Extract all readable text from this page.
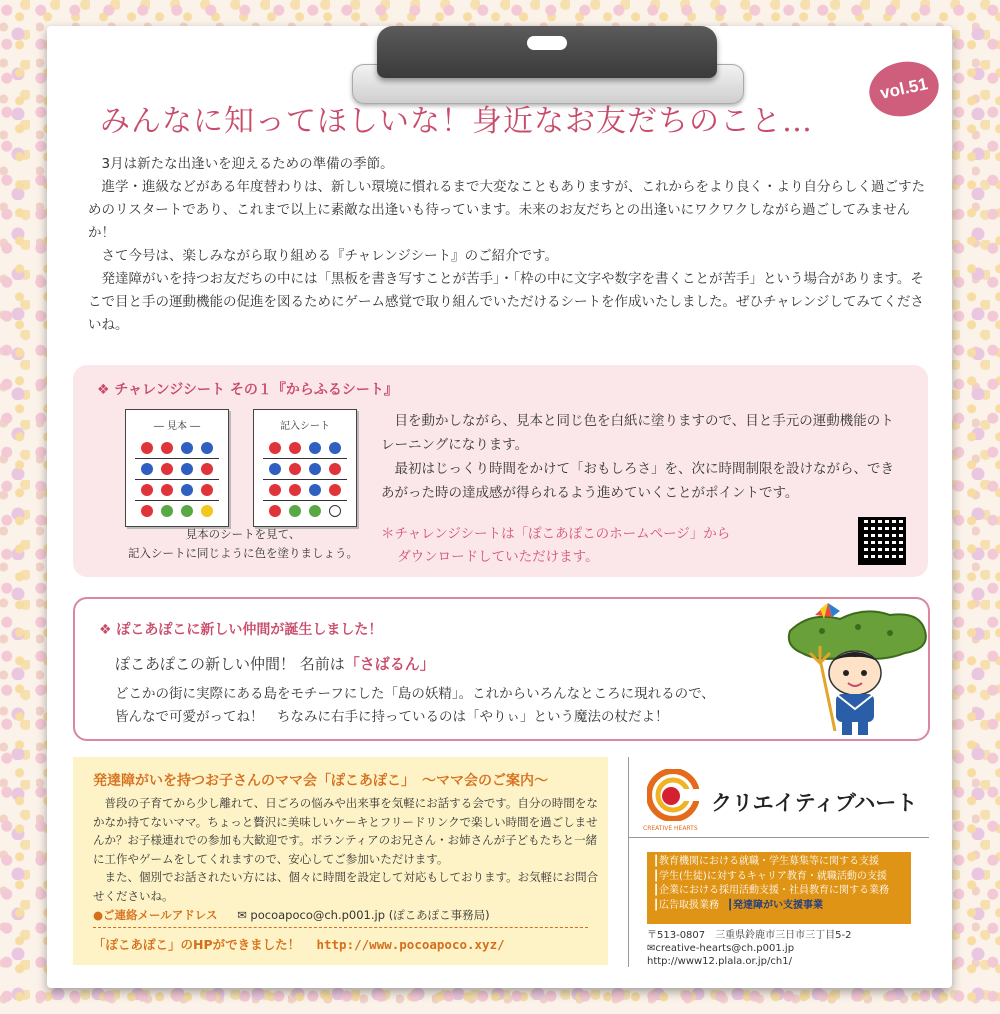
vol.51
みんなに知ってほしいな！身近なお友だちのこと…

3月は新たな出逢いを迎えるための準備の季節。

進学・進級などがある年度替わりは、新しい環境に慣れるまで大変なこともありますが、これからをより良く・より自分らしく過ごすためのリスタートであり、これまで以上に素敵な出逢いも待っています。未来のお友だちとの出逢いにワクワクしながら過ごしてみませんか！

さて今号は、楽しみながら取り組める『チャレンジシート』のご紹介です。

発達障がいを持つお友だちの中には「黒板を書き写すことが苦手」・「枠の中に文字や数字を書くことが苦手」という場合があります。そこで目と手の運動機能の促進を図るためにゲーム感覚で取り組んでいただけるシートを作成いたしました。ぜひチャレンジしてみてくださいね。

❖ チャレンジシート その１『からふるシート』
― 見本 ―	記入シート
見本のシートを見て、
記入シートに同じように色を塗りましょう。

目を動かしながら、見本と同じ色を白紙に塗りますので、目と手元の運動機能のトレーニングになります。

最初はじっくり時間をかけて「おもしろさ」を、次に時間制限を設けながら、できあがった時の達成感が得られるよう進めていくことがポイントです。

＊チャレンジシートは「ぽこあぽこのホームページ」から
ダウンロードしていただけます。
❖ ぽこあぽこに新しい仲間が誕生しました！
ぽこあぽこの新しい仲間！ 名前は「さばるん」
どこかの街に実際にある島をモチーフにした「島の妖精」。これからいろんなところに現れるので、
皆んなで可愛がってね！　ちなみに右手に持っているのは「やりぃ」という魔法の杖だよ！
発達障がいを持つお子さんのママ会「ぽこあぽこ」　～ママ会のご案内～

普段の子育てから少し離れて、日ごろの悩みや出来事を気軽にお話する会です。自分の時間をなかなか持てないママ。ちょっと贅沢に美味しいケーキとフリードリンクで楽しい時間を過ごしませんか？お子様連れでの参加も大歓迎です。ボランティアのお兄さん・お姉さんが子どもたちと一緒に工作やゲームをしてくれますので、安心してご参加いただけます。

また、個別でお話されたい方には、個々に時間を設定して対応もしております。お気軽にお問合せくださいね。

●ご連絡メールアドレス ✉ pocoapoco@ch.p001.jp (ぽこあぽこ事務局)
「ぽこあぽこ」のHPができました！ http://www.pocoapoco.xyz/
CREATIVE HEARTS
クリエイティブハート
┃教育機関における就職・学生募集等に関する支援
┃学生(生徒)に対するキャリア教育・就職活動の支援
┃企業における採用活動支援・社員教育に関する業務
┃広告取扱業務 ┃発達障がい支援事業
〒513-0807　三重県鈴鹿市三日市三丁目5-2
✉creative-hearts@ch.p001.jp
http://www12.plala.or.jp/ch1/
